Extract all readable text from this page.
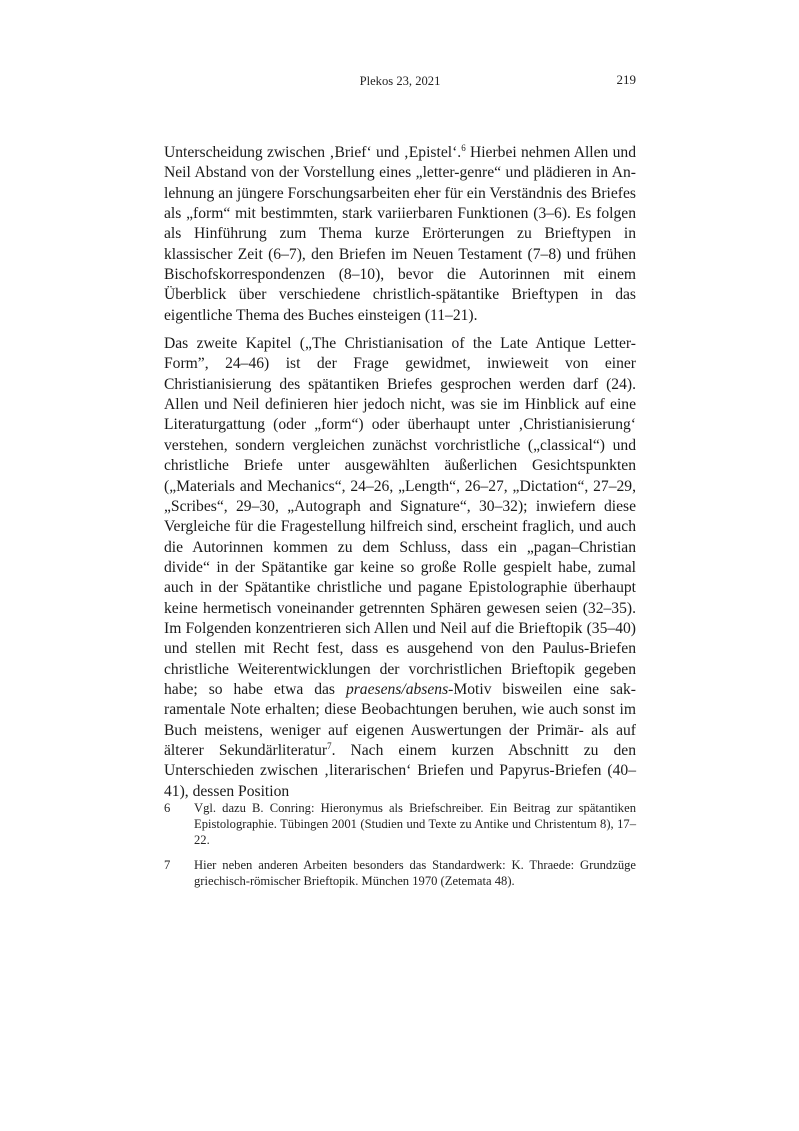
Plekos 23, 2021	219

Unterscheidung zwischen ‚Brief‘ und ‚Epistel‘.$^6$ Hierbei nehmen Allen und Neil Abstand von der Vorstellung eines „letter-genre“ und plädieren in Anlehnung an jüngere Forschungsarbeiten eher für ein Verständnis des Briefes als „form“ mit bestimmten, stark variierbaren Funktionen (3–6). Es folgen als Hinführung zum Thema kurze Erörterungen zu Brieftypen in klassischer Zeit (6–7), den Briefen im Neuen Testament (7–8) und frühen Bischofskorrespondenzen (8–10), bevor die Autorinnen mit einem Überblick über verschiedene christlich-spätantike Brieftypen in das eigentliche Thema des Buches einsteigen (11–21).

Das zweite Kapitel („The Christianisation of the Late Antique Letter-Form”, 24–46) ist der Frage gewidmet, inwieweit von einer Christianisierung des spätantiken Briefes gesprochen werden darf (24). Allen und Neil definieren hier jedoch nicht, was sie im Hinblick auf eine Literaturgattung (oder „form“) oder überhaupt unter ‚Christianisierung‘ verstehen, sondern vergleichen zunächst vorchristliche („classical“) und christliche Briefe unter ausgewählten äußerlichen Gesichtspunkten („Materials and Mechanics“, 24–26, „Length“, 26–27, „Dictation“, 27–29, „Scribes“, 29–30, „Autograph and Signature“, 30–32); inwiefern diese Vergleiche für die Fragestellung hilfreich sind, erscheint fraglich, und auch die Autorinnen kommen zu dem Schluss, dass ein „pagan–Christian divide“ in der Spätantike gar keine so große Rolle gespielt habe, zumal auch in der Spätantike christliche und pagane Epistolographie überhaupt keine hermetisch voneinander getrennten Sphären gewesen seien (32–35). Im Folgenden konzentrieren sich Allen und Neil auf die Brieftopik (35–40) und stellen mit Recht fest, dass es ausgehend von den Paulus-Briefen christliche Weiterentwicklungen der vorchristlichen Brieftopik gegeben habe; so habe etwa das praesens/absens-Motiv bisweilen eine sakramentale Note erhalten; diese Beobachtungen beruhen, wie auch sonst im Buch meistens, weniger auf eigenen Auswertungen der Primär- als auf älterer Sekundärliteratur$^7$. Nach einem kurzen Abschnitt zu den Unterschieden zwischen ‚literarischen‘ Briefen und Papyrus-Briefen (40–41), dessen Position

6	Vgl. dazu B. Conring: Hieronymus als Briefschreiber. Ein Beitrag zur spätantiken Epistolographie. Tübingen 2001 (Studien und Texte zu Antike und Christentum 8), 17–22.
7	Hier neben anderen Arbeiten besonders das Standardwerk: K. Thraede: Grundzüge griechisch-römischer Brieftopik. München 1970 (Zetemata 48).
